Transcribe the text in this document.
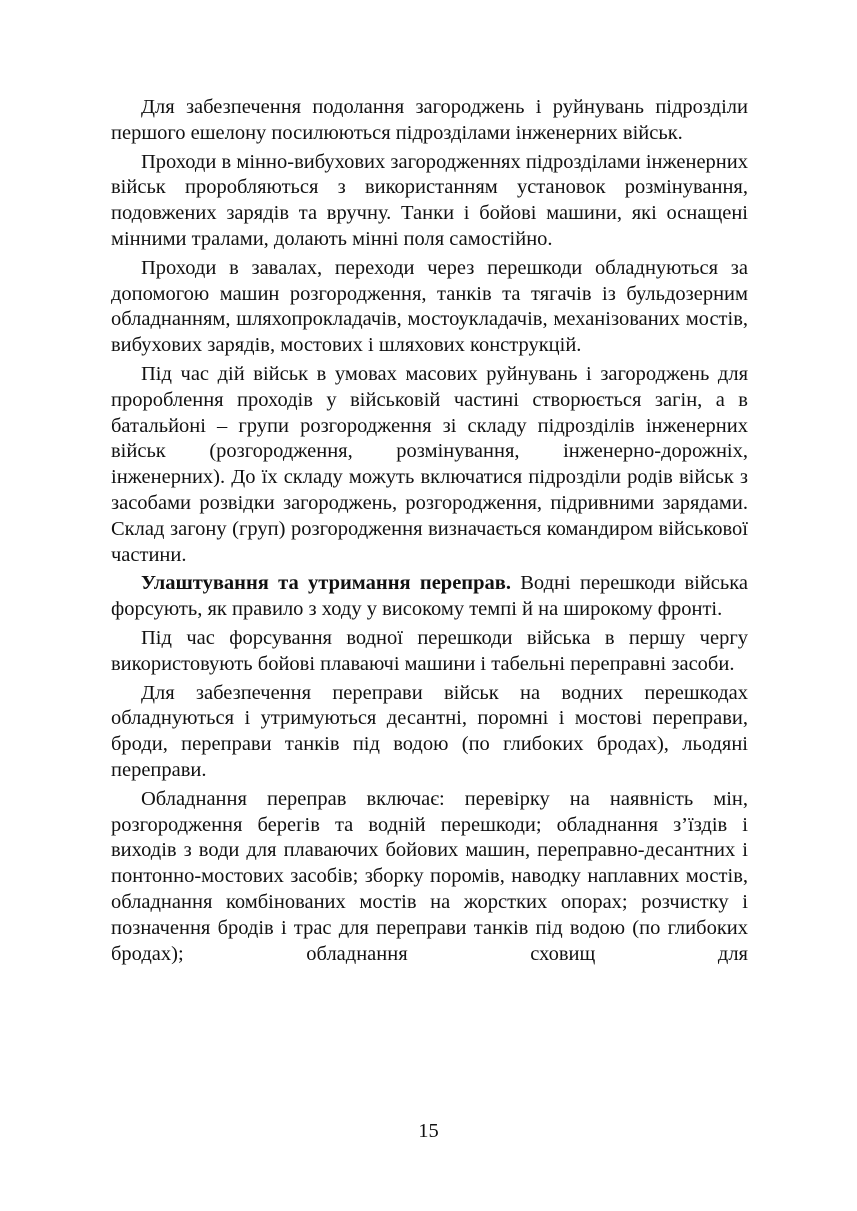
Для забезпечення подолання загороджень і руйнувань підрозділи першого ешелону посилюються підрозділами інженерних військ.

Проходи в мінно-вибухових загородженнях підрозділами інженерних військ проробляються з використанням установок розмінування, подовжених зарядів та вручну. Танки і бойові машини, які оснащені мінними тралами, долають мінні поля самостійно.

Проходи в завалах, переходи через перешкоди обладнуються за допомогою машин розгородження, танків та тягачів із бульдозерним обладнанням, шляхопрокладачів, мостоукладачів, механізованих мостів, вибухових зарядів, мостових і шляхових конструкцій.

Під час дій військ в умовах масових руйнувань і загороджень для пророблення проходів у військовій частині створюється загін, а в батальйоні – групи розгородження зі складу підрозділів інженерних військ (розгородження, розмінування, інженерно-дорожніх, інженерних). До їх складу можуть включатися підрозділи родів військ з засобами розвідки загороджень, розгородження, підривними зарядами. Склад загону (груп) розгородження визначається командиром військової частини.

Улаштування та утримання переправ. Водні перешкоди війська форсують, як правило з ходу у високому темпі й на широкому фронті.

Під час форсування водної перешкоди війська в першу чергу використовують бойові плаваючі машини і табельні переправні засоби.

Для забезпечення переправи військ на водних перешкодах обладнуються і утримуються десантні, поромні і мостові переправи, броди, переправи танків під водою (по глибоких бродах), льодяні переправи.

Обладнання переправ включає: перевірку на наявність мін, розгородження берегів та водній перешкоди; обладнання з’їздів і виходів з води для плаваючих бойових машин, переправно-десантних і понтонно-мостових засобів; зборку поромів, наводку наплавних мостів, обладнання комбінованих мостів на жорстких опорах; розчистку і позначення бродів і трас для переправи танків під водою (по глибоких бродах); обладнання сховищ для

15
